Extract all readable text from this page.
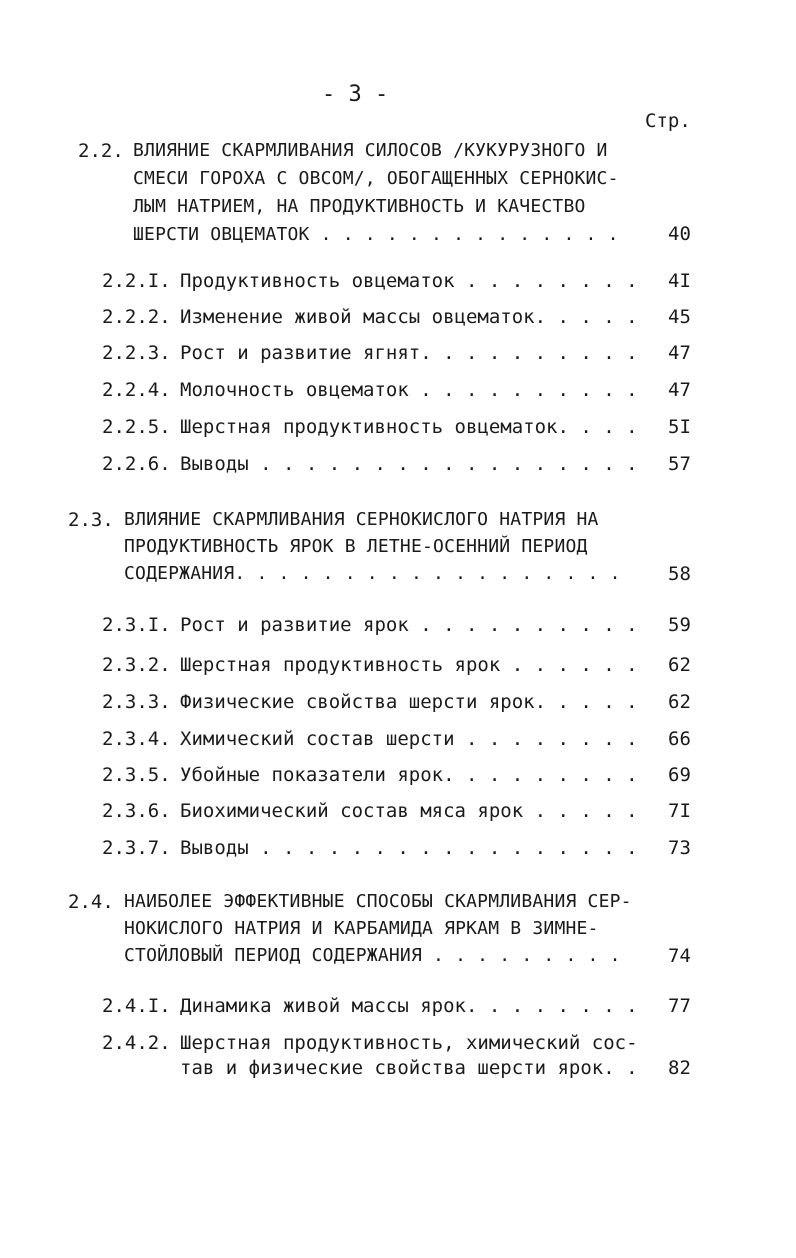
- 3 -
Стр.
2.2. ВЛИЯНИЕ СКАРМЛИВАНИЯ СИЛОСОВ /КУКУРУЗНОГО И
СМЕСИ ГОРОХА С ОВСОМ/, ОБОГАЩЕННЫХ СЕРНОКИС-
ЛЫМ НАТРИЕМ, НА ПРОДУКТИВНОСТЬ И КАЧЕСТВО
ШЕРСТИ ОВЦЕМАТОК . . . . . . . . . . . . . .	40
2.2.I. Продуктивность овцематок . . . . . . . . 4I
2.2.2. Изменение живой массы овцематок. . . . . 45
2.2.3. Рост и развитие ягнят. . . . . . . . . . 47
2.2.4. Молочность овцематок . . . . . . . . . . 47
2.2.5. Шерстная продуктивность овцематок. . . . 5I
2.2.6. Выводы . . . . . . . . . . . . . . . . . 57
2.3. ВЛИЯНИЕ СКАРМЛИВАНИЯ СЕРНОКИСЛОГО НАТРИЯ НА
ПРОДУКТИВНОСТЬ ЯРОК В ЛЕТНЕ-ОСЕННИЙ ПЕРИОД
СОДЕРЖАНИЯ. . . . . . . . . . . . . . . . . . 58
2.3.I. Рост и развитие ярок . . . . . . . . . . 59
2.3.2. Шерстная продуктивность ярок . . . . . . 62
2.3.3. Физические свойства шерсти ярок. . . . . 62
2.3.4. Химический состав шерсти . . . . . . . . 66
2.3.5. Убойные показатели ярок. . . . . . . . . 69
2.3.6. Биохимический состав мяса ярок . . . . . 7I
2.3.7. Выводы . . . . . . . . . . . . . . . . . 73
2.4. НАИБОЛЕЕ ЭФФЕКТИВНЫЕ СПОСОБЫ СКАРМЛИВАНИЯ СЕР-
НОКИСЛОГО НАТРИЯ И КАРБАМИДА ЯРКАМ В ЗИМНЕ-
СТОЙЛОВЫЙ ПЕРИОД СОДЕРЖАНИЯ . . . . . . . . . 74
2.4.I. Динамика живой массы ярок. . . . . . . . 77
2.4.2. Шерстная продуктивность, химический сос-
тав и физические свойства шерсти ярок. . 82
